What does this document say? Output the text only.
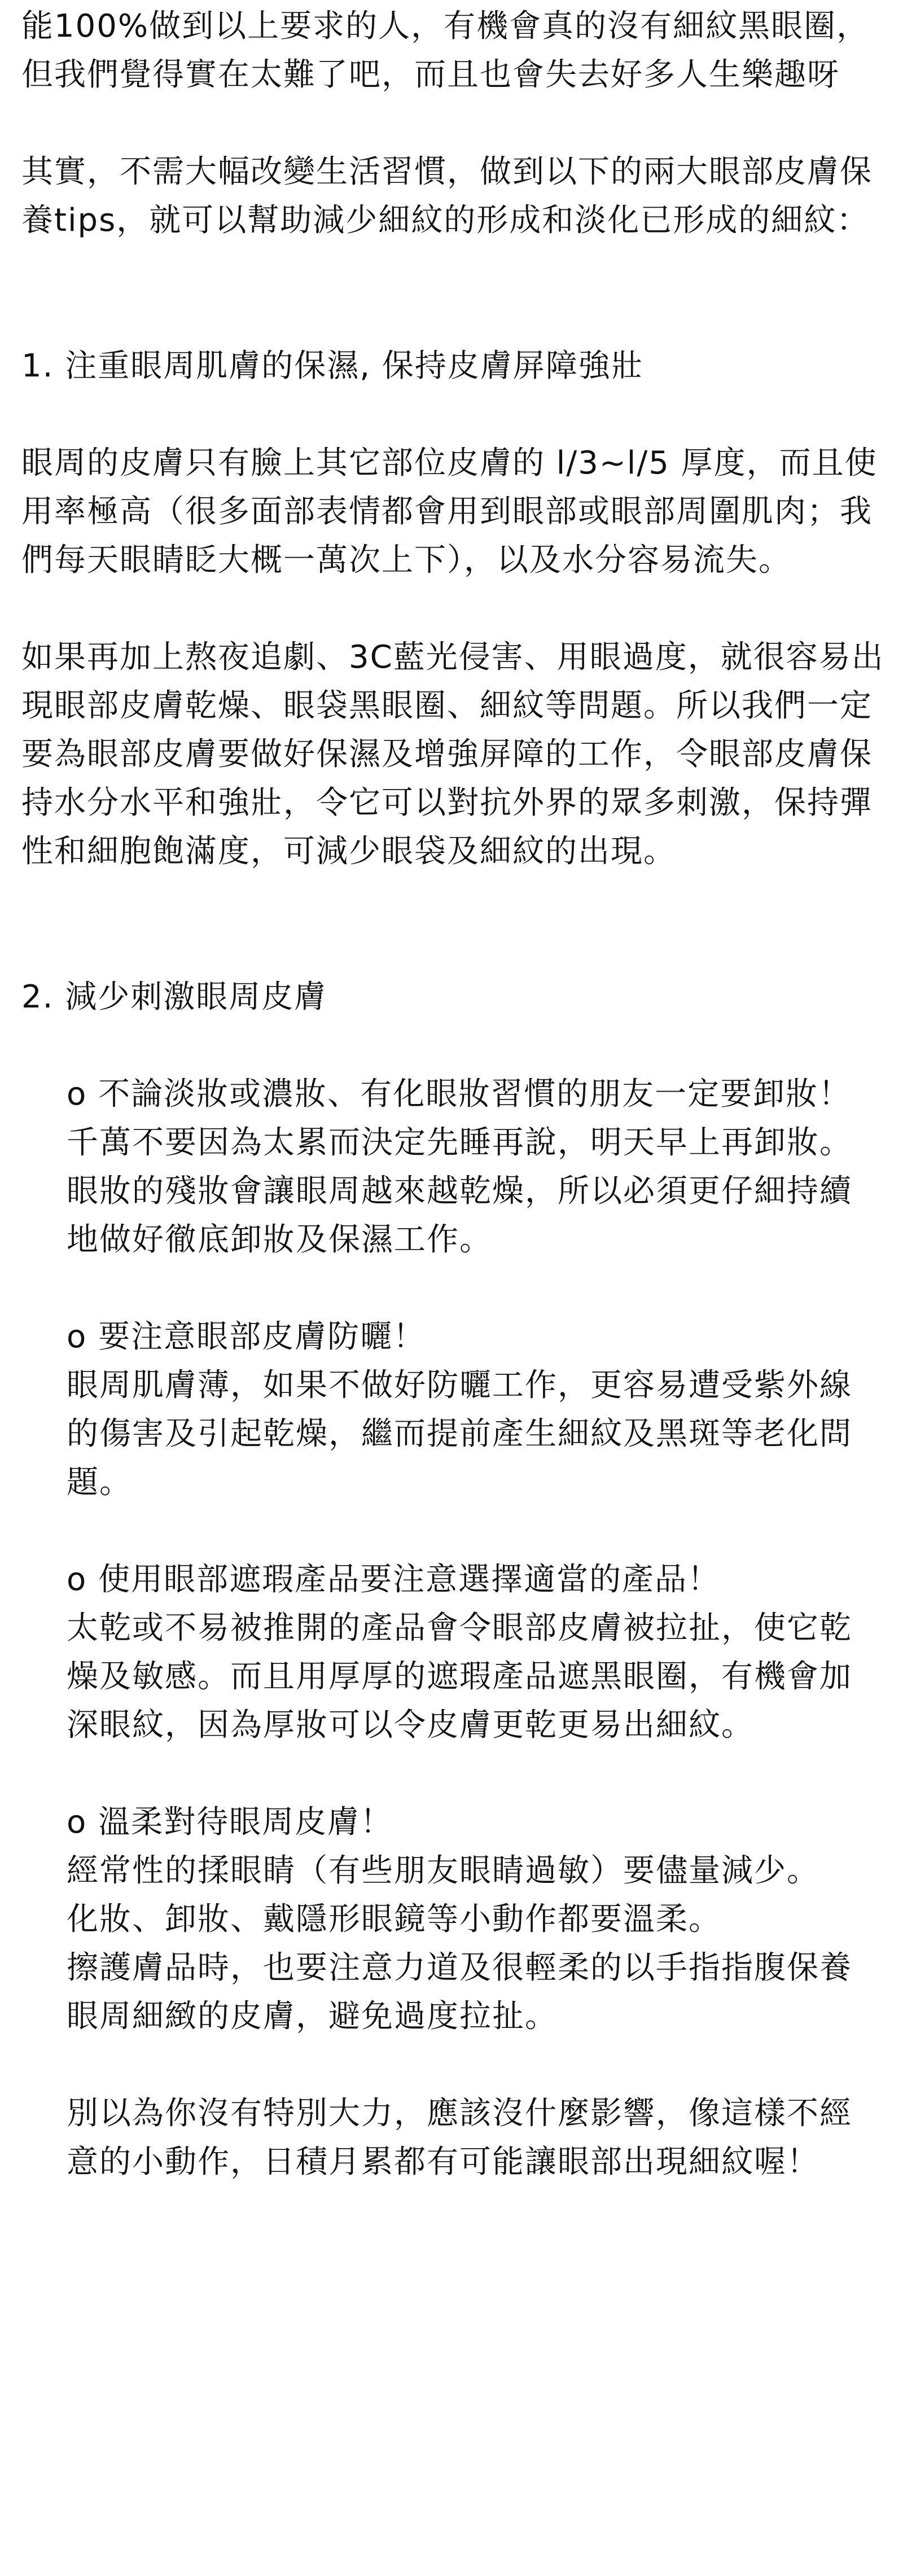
能100%做到以上要求的人，有機會真的沒有細紋黑眼圈，但我們覺得實在太難了吧，而且也會失去好多人生樂趣呀

其實，不需大幅改變生活習慣，做到以下的兩大眼部皮膚保養tips，就可以幫助減少細紋的形成和淡化已形成的細紋：

1. 注重眼周肌膚的保濕, 保持皮膚屏障強壯

眼周的皮膚只有臉上其它部位皮膚的 l/3~l/5 厚度，而且使用率極高（很多面部表情都會用到眼部或眼部周圍肌肉；我們每天眼睛眨大概一萬次上下），以及水分容易流失。

如果再加上熬夜追劇、3C藍光侵害、用眼過度，就很容易出現眼部皮膚乾燥、眼袋黑眼圈、細紋等問題。所以我們一定要為眼部皮膚要做好保濕及增強屏障的工作，令眼部皮膚保持水分水平和強壯，令它可以對抗外界的眾多刺激，保持彈性和細胞飽滿度，可減少眼袋及細紋的出現。

2. 減少刺激眼周皮膚

o 不論淡妝或濃妝、有化眼妝習慣的朋友一定要卸妝！

千萬不要因為太累而決定先睡再說，明天早上再卸妝。

眼妝的殘妝會讓眼周越來越乾燥，所以必須更仔細持續地做好徹底卸妝及保濕工作。

o 要注意眼部皮膚防曬！

眼周肌膚薄，如果不做好防曬工作，更容易遭受紫外線的傷害及引起乾燥，繼而提前產生細紋及黑斑等老化問題。

o 使用眼部遮瑕產品要注意選擇適當的產品！

太乾或不易被推開的產品會令眼部皮膚被拉扯，使它乾燥及敏感。而且用厚厚的遮瑕產品遮黑眼圈，有機會加深眼紋，因為厚妝可以令皮膚更乾更易出細紋。

o 溫柔對待眼周皮膚！

經常性的揉眼睛（有些朋友眼睛過敏）要儘量減少。

化妝、卸妝、戴隱形眼鏡等小動作都要溫柔。

擦護膚品時，也要注意力道及很輕柔的以手指指腹保養眼周細緻的皮膚，避免過度拉扯。

別以為你沒有特別大力，應該沒什麼影響，像這樣不經意的小動作，日積月累都有可能讓眼部出現細紋喔！
